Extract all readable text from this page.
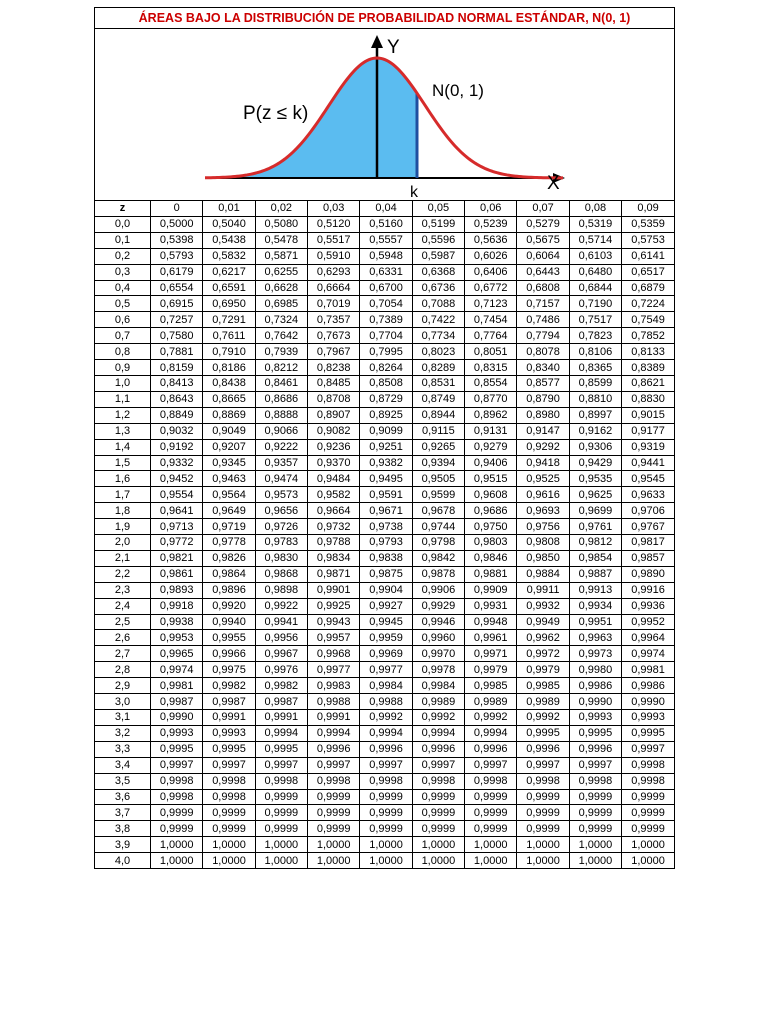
ÁREAS BAJO LA DISTRIBUCIÓN DE PROBABILIDAD NORMAL ESTÁNDAR, N(0, 1)
Y
X
k
N(0, 1)
P(z ≤ k)
z	0	0,01	0,02	0,03	0,04	0,05	0,06	0,07	0,08	0,09
0,0	0,5000	0,5040	0,5080	0,5120	0,5160	0,5199	0,5239	0,5279	0,5319	0,5359
0,1	0,5398	0,5438	0,5478	0,5517	0,5557	0,5596	0,5636	0,5675	0,5714	0,5753
0,2	0,5793	0,5832	0,5871	0,5910	0,5948	0,5987	0,6026	0,6064	0,6103	0,6141
0,3	0,6179	0,6217	0,6255	0,6293	0,6331	0,6368	0,6406	0,6443	0,6480	0,6517
0,4	0,6554	0,6591	0,6628	0,6664	0,6700	0,6736	0,6772	0,6808	0,6844	0,6879
0,5	0,6915	0,6950	0,6985	0,7019	0,7054	0,7088	0,7123	0,7157	0,7190	0,7224
0,6	0,7257	0,7291	0,7324	0,7357	0,7389	0,7422	0,7454	0,7486	0,7517	0,7549
0,7	0,7580	0,7611	0,7642	0,7673	0,7704	0,7734	0,7764	0,7794	0,7823	0,7852
0,8	0,7881	0,7910	0,7939	0,7967	0,7995	0,8023	0,8051	0,8078	0,8106	0,8133
0,9	0,8159	0,8186	0,8212	0,8238	0,8264	0,8289	0,8315	0,8340	0,8365	0,8389
1,0	0,8413	0,8438	0,8461	0,8485	0,8508	0,8531	0,8554	0,8577	0,8599	0,8621
1,1	0,8643	0,8665	0,8686	0,8708	0,8729	0,8749	0,8770	0,8790	0,8810	0,8830
1,2	0,8849	0,8869	0,8888	0,8907	0,8925	0,8944	0,8962	0,8980	0,8997	0,9015
1,3	0,9032	0,9049	0,9066	0,9082	0,9099	0,9115	0,9131	0,9147	0,9162	0,9177
1,4	0,9192	0,9207	0,9222	0,9236	0,9251	0,9265	0,9279	0,9292	0,9306	0,9319
1,5	0,9332	0,9345	0,9357	0,9370	0,9382	0,9394	0,9406	0,9418	0,9429	0,9441
1,6	0,9452	0,9463	0,9474	0,9484	0,9495	0,9505	0,9515	0,9525	0,9535	0,9545
1,7	0,9554	0,9564	0,9573	0,9582	0,9591	0,9599	0,9608	0,9616	0,9625	0,9633
1,8	0,9641	0,9649	0,9656	0,9664	0,9671	0,9678	0,9686	0,9693	0,9699	0,9706
1,9	0,9713	0,9719	0,9726	0,9732	0,9738	0,9744	0,9750	0,9756	0,9761	0,9767
2,0	0,9772	0,9778	0,9783	0,9788	0,9793	0,9798	0,9803	0,9808	0,9812	0,9817
2,1	0,9821	0,9826	0,9830	0,9834	0,9838	0,9842	0,9846	0,9850	0,9854	0,9857
2,2	0,9861	0,9864	0,9868	0,9871	0,9875	0,9878	0,9881	0,9884	0,9887	0,9890
2,3	0,9893	0,9896	0,9898	0,9901	0,9904	0,9906	0,9909	0,9911	0,9913	0,9916
2,4	0,9918	0,9920	0,9922	0,9925	0,9927	0,9929	0,9931	0,9932	0,9934	0,9936
2,5	0,9938	0,9940	0,9941	0,9943	0,9945	0,9946	0,9948	0,9949	0,9951	0,9952
2,6	0,9953	0,9955	0,9956	0,9957	0,9959	0,9960	0,9961	0,9962	0,9963	0,9964
2,7	0,9965	0,9966	0,9967	0,9968	0,9969	0,9970	0,9971	0,9972	0,9973	0,9974
2,8	0,9974	0,9975	0,9976	0,9977	0,9977	0,9978	0,9979	0,9979	0,9980	0,9981
2,9	0,9981	0,9982	0,9982	0,9983	0,9984	0,9984	0,9985	0,9985	0,9986	0,9986
3,0	0,9987	0,9987	0,9987	0,9988	0,9988	0,9989	0,9989	0,9989	0,9990	0,9990
3,1	0,9990	0,9991	0,9991	0,9991	0,9992	0,9992	0,9992	0,9992	0,9993	0,9993
3,2	0,9993	0,9993	0,9994	0,9994	0,9994	0,9994	0,9994	0,9995	0,9995	0,9995
3,3	0,9995	0,9995	0,9995	0,9996	0,9996	0,9996	0,9996	0,9996	0,9996	0,9997
3,4	0,9997	0,9997	0,9997	0,9997	0,9997	0,9997	0,9997	0,9997	0,9997	0,9998
3,5	0,9998	0,9998	0,9998	0,9998	0,9998	0,9998	0,9998	0,9998	0,9998	0,9998
3,6	0,9998	0,9998	0,9999	0,9999	0,9999	0,9999	0,9999	0,9999	0,9999	0,9999
3,7	0,9999	0,9999	0,9999	0,9999	0,9999	0,9999	0,9999	0,9999	0,9999	0,9999
3,8	0,9999	0,9999	0,9999	0,9999	0,9999	0,9999	0,9999	0,9999	0,9999	0,9999
3,9	1,0000	1,0000	1,0000	1,0000	1,0000	1,0000	1,0000	1,0000	1,0000	1,0000
4,0	1,0000	1,0000	1,0000	1,0000	1,0000	1,0000	1,0000	1,0000	1,0000	1,0000
